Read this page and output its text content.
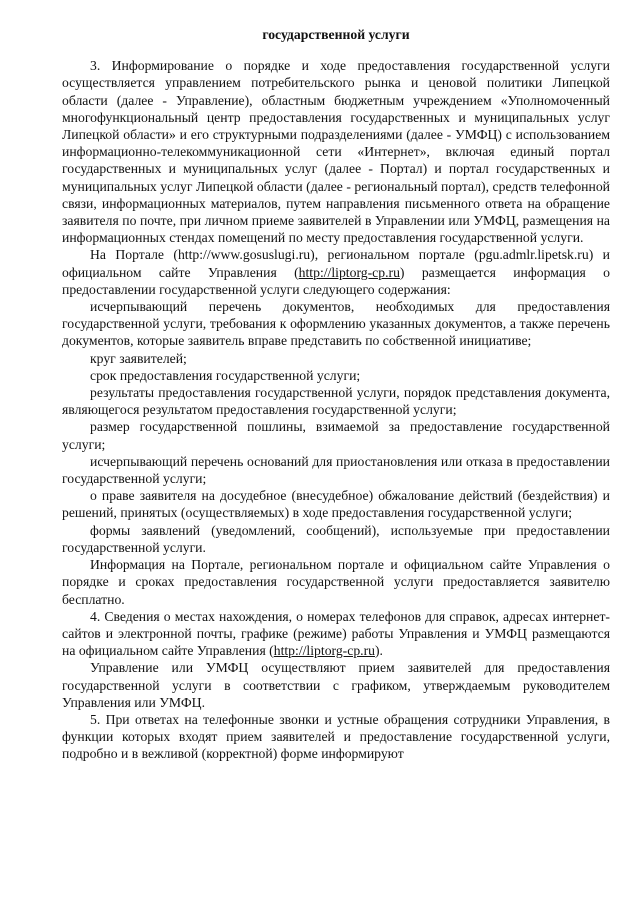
государственной услуги

3. Информирование о порядке и ходе предоставления государственной услуги осуществляется управлением потребительского рынка и ценовой политики Липецкой области (далее - Управление), областным бюджетным учреждением «Уполномоченный многофункциональный центр предоставления государственных и муниципальных услуг Липецкой области» и его структурными подразделениями (далее - УМФЦ) с использованием информационно-телекоммуникационной сети «Интернет», включая единый портал государственных и муниципальных услуг (далее - Портал) и портал государственных и муниципальных услуг Липецкой области (далее - региональный портал), средств телефонной связи, информационных материалов, путем направления письменного ответа на обращение заявителя по почте, при личном приеме заявителей в Управлении или УМФЦ, размещения на информационных стендах помещений по месту предоставления государственной услуги.

На Портале (http://www.gosuslugi.ru), региональном портале (pgu.admlr.lipetsk.ru) и официальном сайте Управления (http://liptorg-cp.ru) размещается информация о предоставлении государственной услуги следующего содержания:

исчерпывающий перечень документов, необходимых для предоставления государственной услуги, требования к оформлению указанных документов, а также перечень документов, которые заявитель вправе представить по собственной инициативе;

круг заявителей;

срок предоставления государственной услуги;

результаты предоставления государственной услуги, порядок представления документа, являющегося результатом предоставления государственной услуги;

размер государственной пошлины, взимаемой за предоставление государственной услуги;

исчерпывающий перечень оснований для приостановления или отказа в предоставлении государственной услуги;

о праве заявителя на досудебное (внесудебное) обжалование действий (бездействия) и решений, принятых (осуществляемых) в ходе предоставления государственной услуги;

формы заявлений (уведомлений, сообщений), используемые при предоставлении государственной услуги.

Информация на Портале, региональном портале и официальном сайте Управления о порядке и сроках предоставления государственной услуги предоставляется заявителю бесплатно.

4. Сведения о местах нахождения, о номерах телефонов для справок, адресах интернет-сайтов и электронной почты, графике (режиме) работы Управления и УМФЦ размещаются на официальном сайте Управления (http://liptorg-cp.ru).

Управление или УМФЦ осуществляют прием заявителей для предоставления государственной услуги в соответствии с графиком, утверждаемым руководителем Управления или УМФЦ.

5. При ответах на телефонные звонки и устные обращения сотрудники Управления, в функции которых входят прием заявителей и предоставление государственной услуги, подробно и в вежливой (корректной) форме информируют
